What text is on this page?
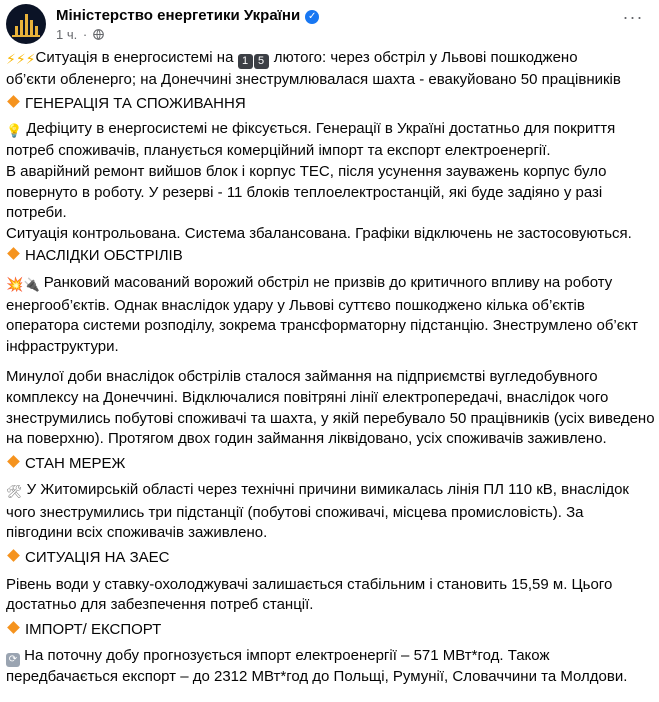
Міністерство енергетики України ✓
1 ч. ·
···
⚡⚡⚡Ситуація в енергосистемі на 1 5 лютого: через обстріл у Львові пошкоджено
об’єкти обленерго; на Донеччині знеструмлювалася шахта - евакуйовано 50 працівників
ГЕНЕРАЦІЯ ТА СПОЖИВАННЯ
💡 Дефіциту в енергосистемі не фіксується. Генерації в Україні достатньо для покриття
потреб споживачів, планується комерційний імпорт та експорт електроенергії.
В аварійний ремонт вийшов блок і корпус ТЕС, після усунення зауважень корпус було
повернуто в роботу. У резерві - 11 блоків теплоелектростанцій, які буде задіяно у разі
потреби.
Ситуація контрольована. Система збалансована. Графіки відключень не застосовуються.
НАСЛІДКИ ОБСТРІЛІВ
💥🔌 Ранковий масований ворожий обстріл не призвів до критичного впливу на роботу
енергооб’єктів. Однак внаслідок удару у Львові суттєво пошкоджено кілька об’єктів
оператора системи розподілу, зокрема трансформаторну підстанцію. Знеструмлено об’єкт
інфраструктури.
Минулої доби внаслідок обстрілів сталося займання на підприємстві вугледобувного
комплексу на Донеччині. Відключалися повітряні лінії електропередачі, внаслідок чого
знеструмились побутові споживачі та шахта, у якій перебувало 50 працівників (усіх виведено
на поверхню). Протягом двох годин займання ліквідовано, усіх споживачів заживлено.
СТАН МЕРЕЖ
🛠 У Житомирській області через технічні причини вимикалась лінія ПЛ 110 кВ, внаслідок
чого знеструмились три підстанції (побутові споживачі, місцева промисловість). За
півгодини всіх споживачів заживлено.
СИТУАЦІЯ НА ЗАЕС
Рівень води у ставку-охолоджувачі залишається стабільним і становить 15,59 м. Цього
достатньо для забезпечення потреб станції.
ІМПОРТ/ ЕКСПОРТ
⟳ На поточну добу прогнозується імпорт електроенергії – 571 МВт*год. Також
передбачається експорт – до 2312 МВт*год до Польщі, Румунії, Словаччини та Молдови.
